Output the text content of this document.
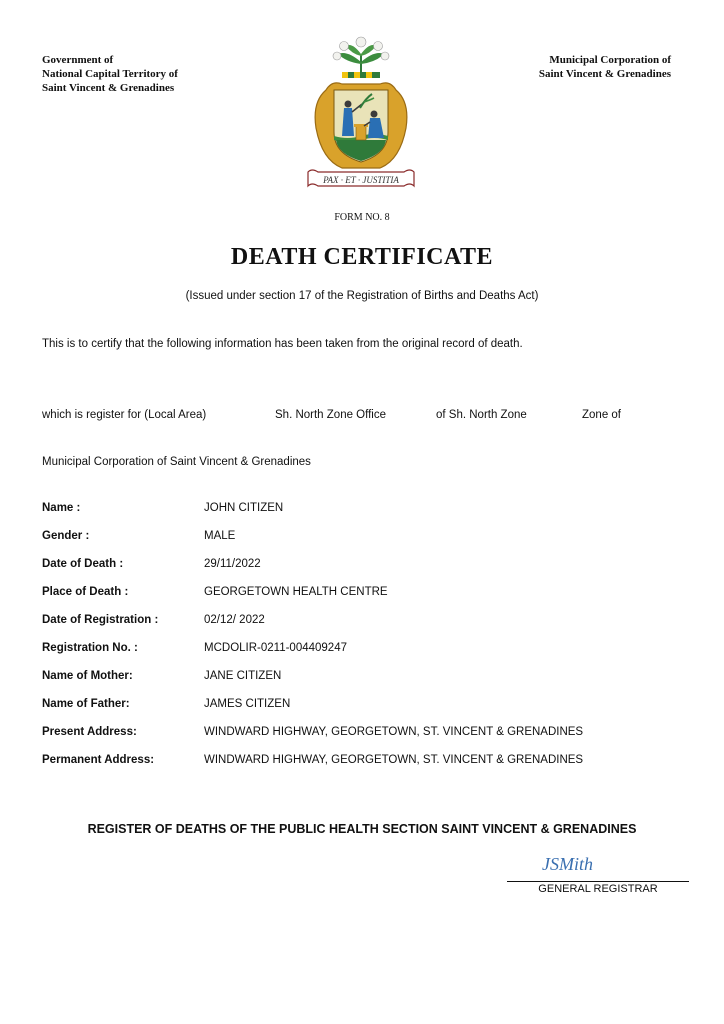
Government of
National Capital Territory of
Saint Vincent & Grenadines
Municipal Corporation of
Saint Vincent & Grenadines
PAX · ET · JUSTITIA
FORM NO. 8
DEATH CERTIFICATE
(Issued under section 17 of the Registration of Births and Deaths Act)
This is to certify that the following information has been taken from the original record of death.
which is register for (Local Area)	Sh. North Zone Office	of Sh. North Zone	Zone of
Municipal Corporation of Saint Vincent & Grenadines
Name :	JOHN CITIZEN
Gender :	MALE
Date of Death :	29/11/2022
Place of Death :	GEORGETOWN HEALTH CENTRE
Date of Registration :	02/12/ 2022
Registration No. :	MCDOLIR-0211-004409247
Name of Mother:	JANE CITIZEN
Name of Father:	JAMES CITIZEN
Present Address:	WINDWARD HIGHWAY, GEORGETOWN, ST. VINCENT & GRENADINES
Permanent Address:	WINDWARD HIGHWAY, GEORGETOWN, ST. VINCENT & GRENADINES
REGISTER OF DEATHS OF THE PUBLIC HEALTH SECTION SAINT VINCENT & GRENADINES
JSMith
GENERAL REGISTRAR
